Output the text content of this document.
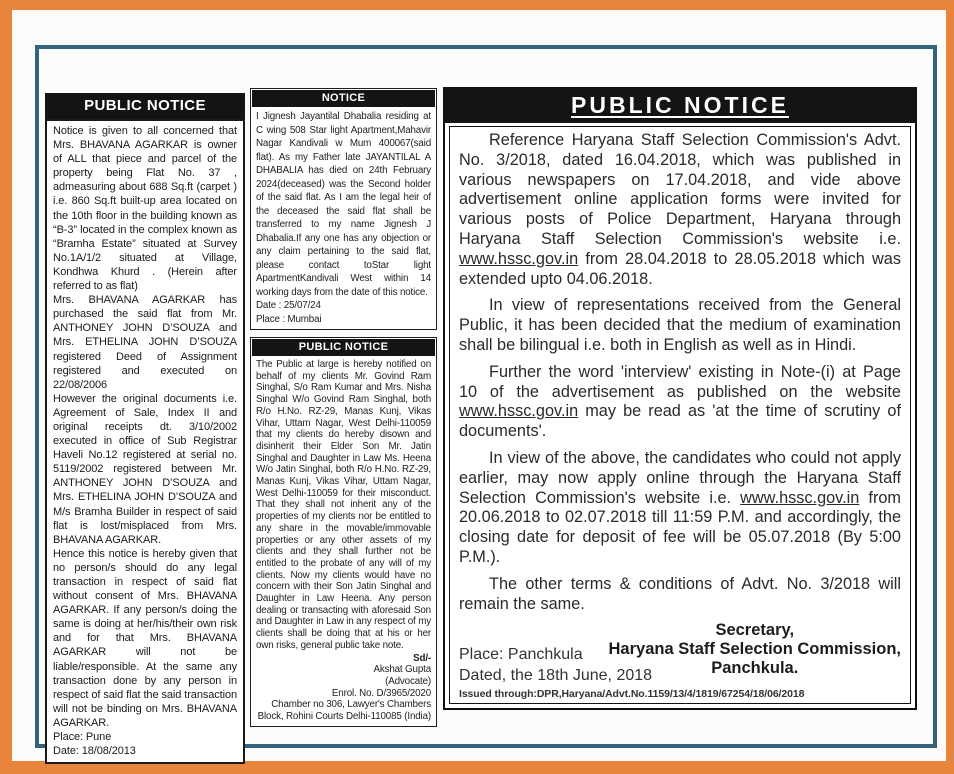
PUBLIC NOTICE
Notice is given to all concerned that Mrs. BHAVANA AGARKAR is owner of ALL that piece and parcel of the property being Flat No. 37 , admeasuring about 688 Sq.ft (carpet ) i.e. 860 Sq.ft built-up area located on the 10th floor in the building known as “B-3” located in the complex known as “Bramha Estate” situated at Survey No.1A/1/2 situated at Village, Kondhwa Khurd . (Herein after referred to as flat)
Mrs. BHAVANA AGARKAR has purchased the said flat from Mr. ANTHONEY JOHN D’SOUZA and Mrs. ETHELINA JOHN D’SOUZA registered Deed of Assignment registered and executed on 22/08/2006
However the original documents i.e. Agreement of Sale, Index II and original receipts dt. 3/10/2002 executed in office of Sub Registrar Haveli No.12 registered at serial no. 5119/2002 registered between Mr. ANTHONEY JOHN D’SOUZA and Mrs. ETHELINA JOHN D’SOUZA and M/s Bramha Builder in respect of said flat is lost/misplaced from Mrs. BHAVANA AGARKAR.
Hence this notice is hereby given that no person/s should do any legal transaction in respect of said flat without consent of Mrs. BHAVANA AGARKAR. If any person/s doing the same is doing at her/his/their own risk and for that Mrs. BHAVANA AGARKAR will not be liable/responsible. At the same any transaction done by any person in respect of said flat the said transaction will not be binding on Mrs. BHAVANA AGARKAR.
Place: Pune
Date: 18/08/2013
NOTICE
I Jignesh Jayantilal Dhabalia residing at C wing 508 Star light Apartment,Mahavir Nagar Kandivali w Mum 400067(said flat). As my Father late JAYANTILAL A DHABALIA has died on 24th February 2024(deceased) was the Second holder of the said flat. As I am the legal heir of the deceased the said flat shall be transferred to my name Jignesh J Dhabalia.If any one has any objection or any claim pertaining to the said flat, please contact toStar light ApartmentKandivali West within 14 working days from the date of this notice.
Date : 25/07/24
Place : Mumbai
PUBLIC NOTICE
The Public at large is hereby notified on behalf of my clients Mr. Govind Ram Singhal, S/o Ram Kumar and Mrs. Nisha Singhal W/o Govind Ram Singhal, both R/o H.No. RZ-29, Manas Kunj, Vikas Vihar, Uttam Nagar, West Delhi-110059 that my clients do hereby disown and disinherit their Elder Son Mr. Jatin Singhal and Daughter in Law Ms. Heena W/o Jatin Singhal, both R/o H.No. RZ-29, Manas Kunj, Vikas Vihar, Uttam Nagar, West Delhi-110059 for their misconduct. That they shall not inherit any of the properties of my clients nor be entitled to any share in the movable/immovable properties or any other assets of my clients and they shall further not be entitled to the probate of any will of my clients. Now my clients would have no concern with their Son Jatin Singhal and Daughter in Law Heena. Any person dealing or transacting with aforesaid Son and Daughter in Law in any respect of my clients shall be doing that at his or her own risks, general public take note.
Sd/-
Akshat Gupta
(Advocate)
Enrol. No. D/3965/2020
Chamber no 306, Lawyer's Chambers
Block, Rohini Courts Delhi-110085 (India)
PUBLIC NOTICE
Reference Haryana Staff Selection Commission's Advt. No. 3/2018, dated 16.04.2018, which was published in various newspapers on 17.04.2018, and vide above advertisement online application forms were invited for various posts of Police Department, Haryana through Haryana Staff Selection Commission's website i.e. www.hssc.gov.in from 28.04.2018 to 28.05.2018 which was extended upto 04.06.2018.
In view of representations received from the General Public, it has been decided that the medium of examination shall be bilingual i.e. both in English as well as in Hindi.
Further the word 'interview' existing in Note-(i) at Page 10 of the advertisement as published on the website www.hssc.gov.in may be read as 'at the time of scrutiny of documents'.
In view of the above, the candidates who could not apply earlier, may now apply online through the Haryana Staff Selection Commission's website i.e. www.hssc.gov.in from 20.06.2018 to 02.07.2018 till 11:59 P.M. and accordingly, the closing date for deposit of fee will be 05.07.2018 (By 5:00 P.M.).
The other terms & conditions of Advt. No. 3/2018 will remain the same.
Place: Panchkula
Dated, the 18th June, 2018
Secretary,
Haryana Staff Selection Commission,
Panchkula.
Issued through:DPR,Haryana/Advt.No.1159/13/4/1819/67254/18/06/2018
